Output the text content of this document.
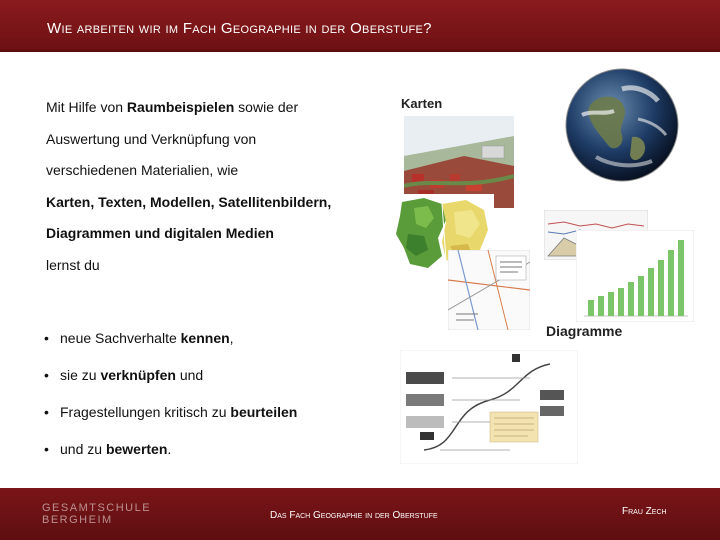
Wie arbeiten wir im Fach Geographie in der Oberstufe?

Mit Hilfe von Raumbeispielen sowie der

Auswertung und Verknüpfung von

verschiedenen Materialien, wie

Karten, Texten, Modellen, Satellitenbildern,

Diagrammen und digitalen Medien

lernst du

• neue Sachverhalte kennen,
• sie zu verknüpfen und
• Fragestellungen kritisch zu beurteilen
• und zu bewerten.
Karten
Diagramme
GESAMTSCHULE
BERGHEIM	Das Fach Geographie in der Oberstufe	Frau Zech
